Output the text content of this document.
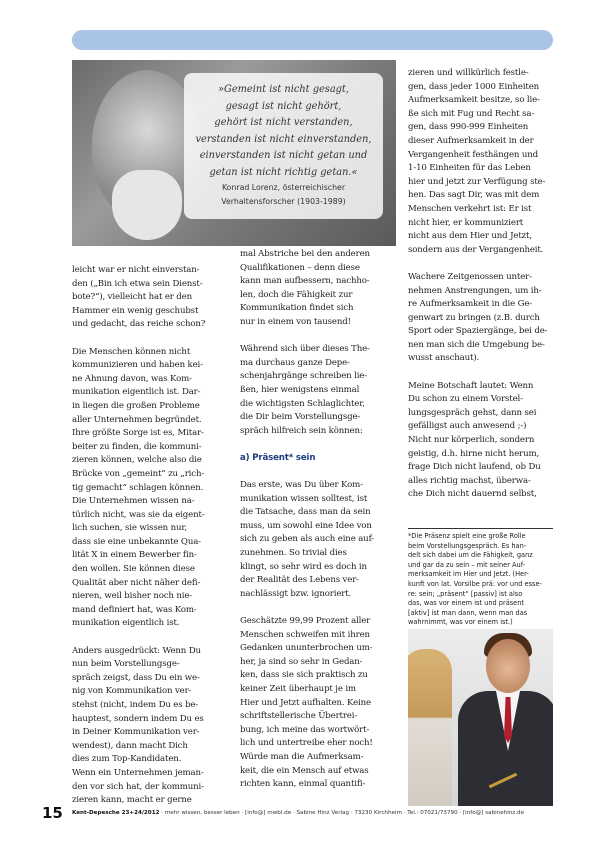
»Gemeint ist nicht gesagt,
gesagt ist nicht gehört,
gehört ist nicht verstanden,
verstanden ist nicht einverstanden,
einverstanden ist nicht getan und
getan ist nicht richtig getan.«
Konrad Lorenz, österreichischer
Verhaltensforscher (1903-1989)
leicht war er nicht einverstan-
den („Bin ich etwa sein Dienst-
bote?“), vielleicht hat er den
Hammer ein wenig geschubst
und gedacht, das reiche schon?
Die Menschen können nicht
kommunizieren und haben kei-
ne Ahnung davon, was Kom-
munikation eigentlich ist. Dar-
in liegen die großen Probleme
aller Unternehmen begründet.
Ihre größte Sorge ist es, Mitar-
beiter zu finden, die kommuni-
zieren können, welche also die
Brücke von „gemeint“ zu „rich-
tig gemacht“ schlagen können.
Die Unternehmen wissen na-
türlich nicht, was sie da eigent-
lich suchen, sie wissen nur,
dass sie eine unbekannte Qua-
lität X in einem Bewerber fin-
den wollen. Sie können diese
Qualität aber nicht näher defi-
nieren, weil bisher noch nie-
mand definiert hat, was Kom-
munikation eigentlich ist.
Anders ausgedrückt: Wenn Du
nun beim Vorstellungsge-
spräch zeigst, dass Du ein we-
nig von Kommunikation ver-
stehst (nicht, indem Du es be-
hauptest, sondern indem Du es
in Deiner Kommunikation ver-
wendest), dann macht Dich
dies zum Top-Kandidaten.
Wenn ein Unternehmen jeman-
den vor sich hat, der kommuni-
zieren kann, macht er gerne
mal Abstriche bei den anderen
Qualifikationen – denn diese
kann man aufbessern, nachho-
len, doch die Fähigkeit zur
Kommunikation findet sich
nur in einem von tausend!
Während sich über dieses The-
ma durchaus ganze Depe-
schenjahrgänge schreiben lie-
ßen, hier wenigstens einmal
die wichtigsten Schlaglichter,
die Dir beim Vorstellungsge-
spräch hilfreich sein können:
a) Präsent* sein
Das erste, was Du über Kom-
munikation wissen solltest, ist
die Tatsache, dass man da sein
muss, um sowohl eine Idee von
sich zu geben als auch eine auf-
zunehmen. So trivial dies
klingt, so sehr wird es doch in
der Realität des Lebens ver-
nachlässigt bzw. ignoriert.
Geschätzte 99,99 Prozent aller
Menschen schweifen mit ihren
Gedanken ununterbrochen um-
her, ja sind so sehr in Gedan-
ken, dass sie sich praktisch zu
keiner Zeit überhaupt je im
Hier und Jetzt aufhalten. Keine
schriftstellerische Übertrei-
bung, ich meine das wortwört-
lich und untertreibe eher noch!
Würde man die Aufmerksam-
keit, die ein Mensch auf etwas
richten kann, einmal quantifi-
zieren und willkürlich festle-
gen, dass jeder 1000 Einheiten
Aufmerksamkeit besitze, so lie-
ße sich mit Fug und Recht sa-
gen, dass 990-999 Einheiten
dieser Aufmerksamkeit in der
Vergangenheit festhängen und
1-10 Einheiten für das Leben
hier und jetzt zur Verfügung ste-
hen. Das sagt Dir, was mit dem
Menschen verkehrt ist: Er ist
nicht hier, er kommuniziert
nicht aus dem Hier und Jetzt,
sondern aus der Vergangenheit.
Wachere Zeitgenossen unter-
nehmen Anstrengungen, um ih-
re Aufmerksamkeit in die Ge-
genwart zu bringen (z.B. durch
Sport oder Spaziergänge, bei de-
nen man sich die Umgebung be-
wusst anschaut).
Meine Botschaft lautet: Wenn
Du schon zu einem Vorstel-
lungsgespräch gehst, dann sei
gefälligst auch anwesend ;-)
Nicht nur körperlich, sondern
geistig, d.h. hirne nicht herum,
frage Dich nicht laufend, ob Du
alles richtig machst, überwa-
che Dich nicht dauernd selbst,
*Die Präsenz spielt eine große Rolle
beim Vorstellungsgespräch. Es han-
delt sich dabei um die Fähigkeit, ganz
und gar da zu sein – mit seiner Auf-
merksamkeit im Hier und Jetzt. (Her-
kunft von lat. Vorsilbe prä: vor und esse-
re: sein; „präsent“ [passiv] ist also
das, was vor einem ist und präsent
[aktiv] ist man dann, wenn man das
wahrnimmt, was vor einem ist.)
15 Kent-Depesche 23+24/2012 · mehr wissen, besser leben · [info@] mwbl.de · Sabine Hinz Verlag · 73230 Kirchheim · Tel.: 07021/73790 · [info@] sabinehinz.de
